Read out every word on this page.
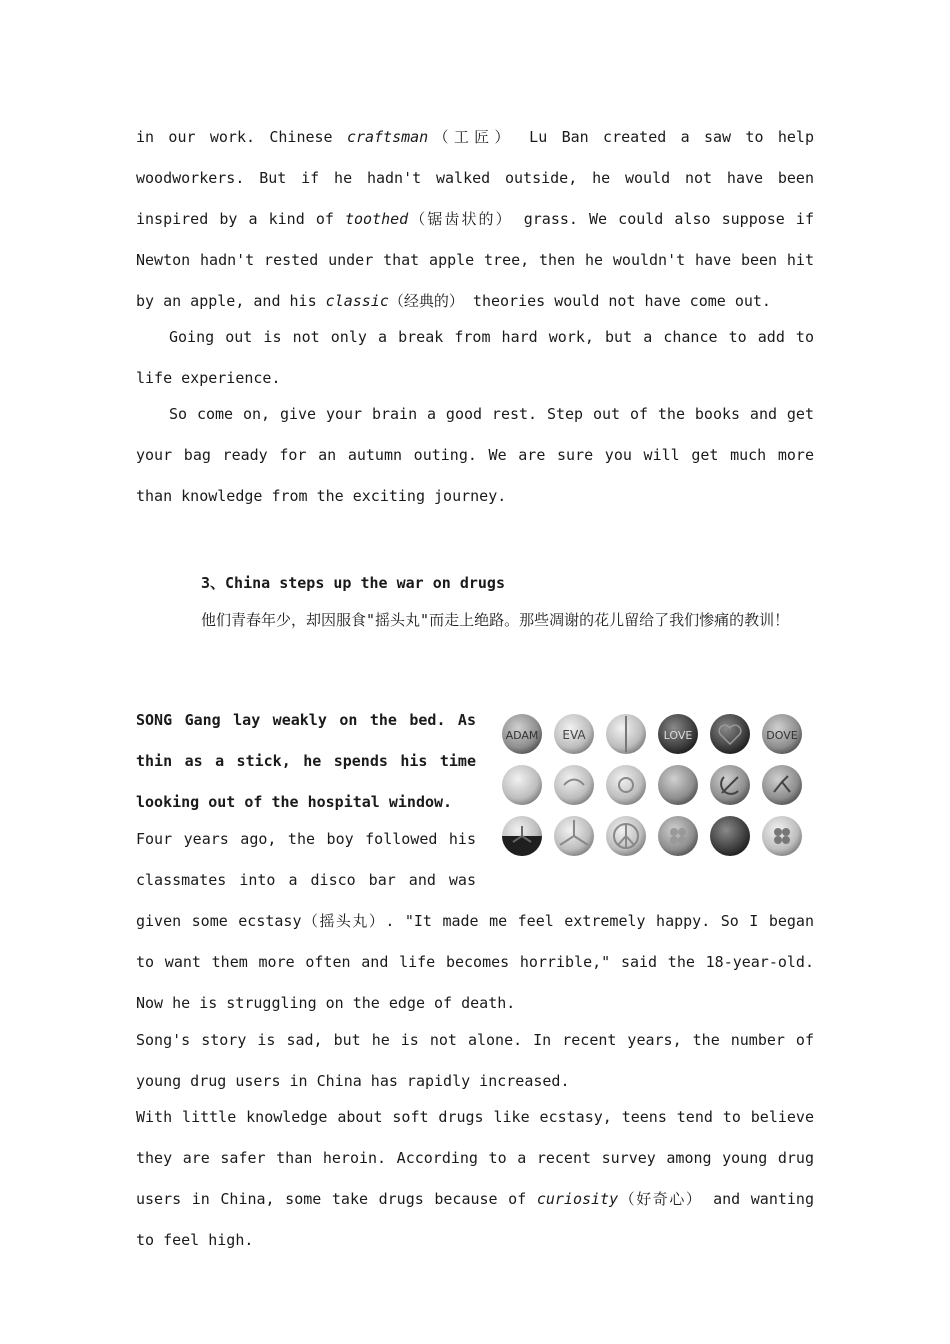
in our work. Chinese craftsman（工匠） Lu Ban created a saw to help woodworkers. But if he hadn't walked outside, he would not have been inspired by a kind of toothed（锯齿状的） grass. We could also suppose if Newton hadn't rested under that apple tree, then he wouldn't have been hit by an apple, and his classic（经典的） theories would not have come out.
Going out is not only a break from hard work, but a chance to add to life experience.
So come on, give your brain a good rest. Step out of the books and get your bag ready for an autumn outing. We are sure you will get much more than knowledge from the exciting journey.
3、China steps up the war on drugs
他们青春年少，却因服食"摇头丸"而走上绝路。那些凋谢的花儿留给了我们惨痛的教训！
SONG Gang lay weakly on the bed. As thin as a stick, he spends his time looking out of the hospital window.
ADAM EVA	LOVE	DOVE
Four years ago, the boy followed his classmates into a disco bar and was given some ecstasy（摇头丸）. "It made me feel extremely happy. So I began to want them more often and life becomes horrible," said the 18-year-old. Now he is struggling on the edge of death.
Song's story is sad, but he is not alone. In recent years, the number of young drug users in China has rapidly increased.
With little knowledge about soft drugs like ecstasy, teens tend to believe they are safer than heroin. According to a recent survey among young drug users in China, some take drugs because of curiosity（好奇心） and wanting to feel high.
